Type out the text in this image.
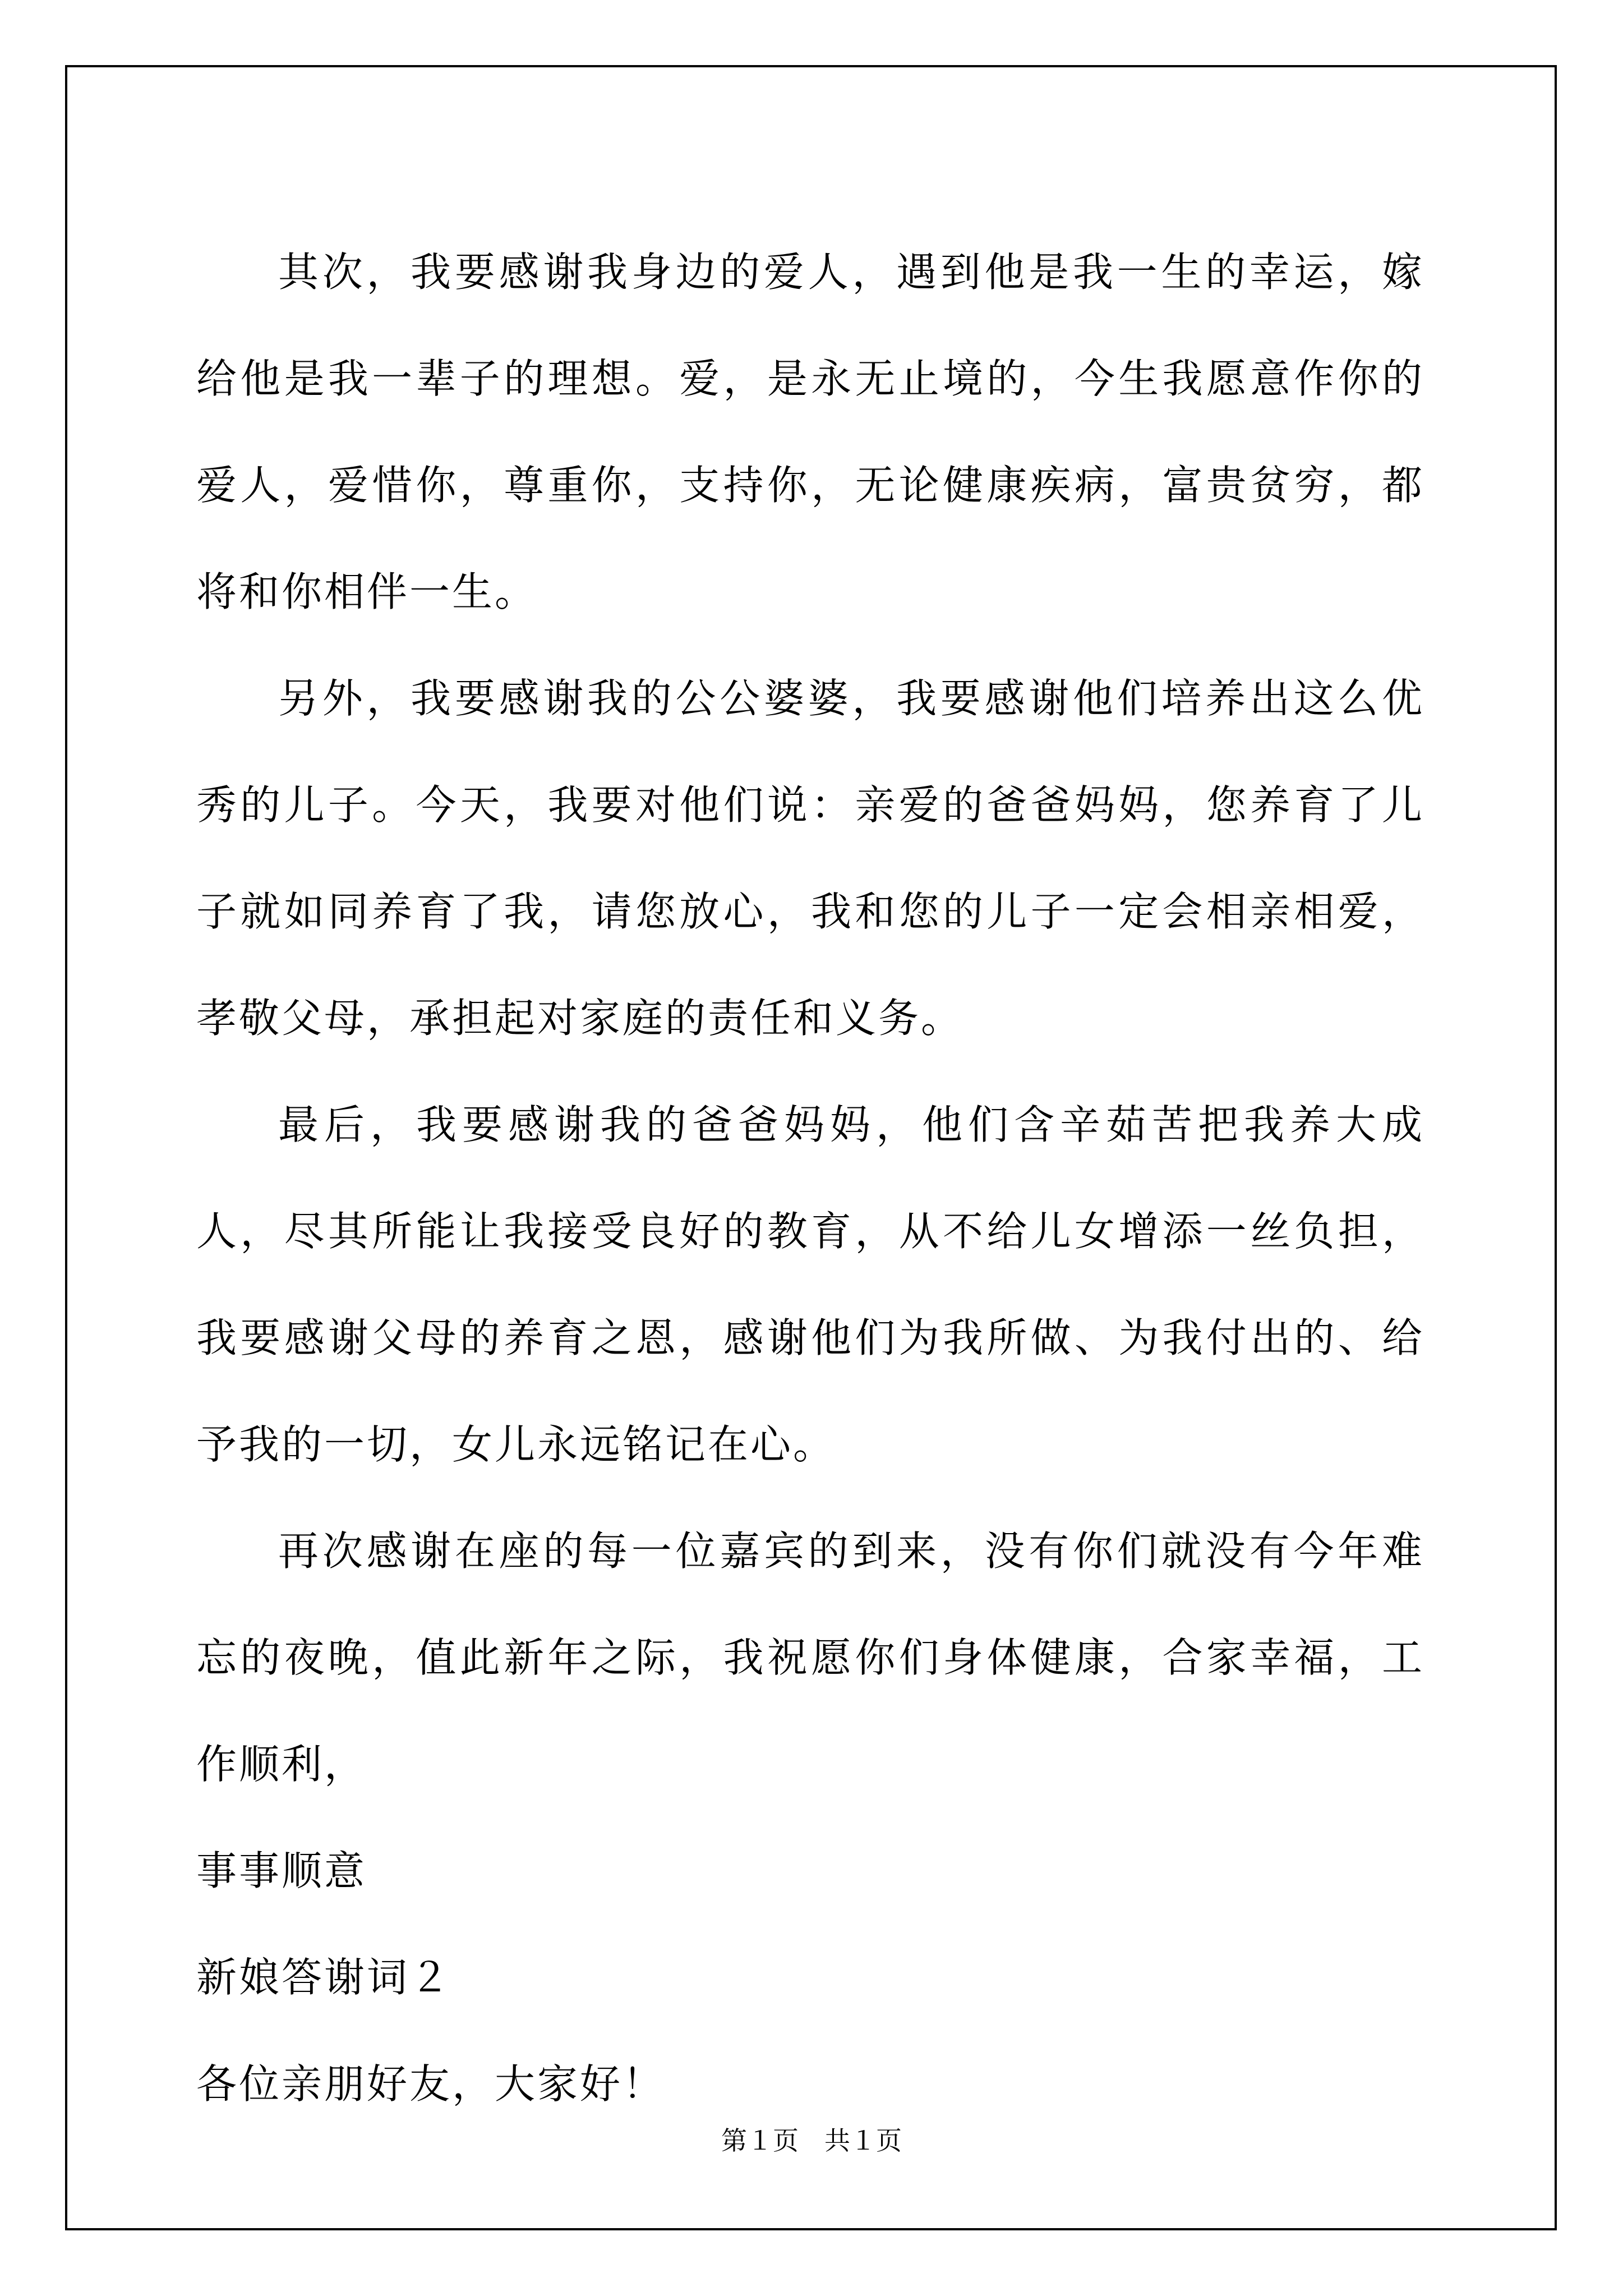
其次，我要感谢我身边的爱人，遇到他是我一生的幸运，嫁给他是我一辈子的理想。爱，是永无止境的，今生我愿意作你的爱人，爱惜你，尊重你，支持你，无论健康疾病，富贵贫穷，都将和你相伴一生。

另外，我要感谢我的公公婆婆，我要感谢他们培养出这么优秀的儿子。今天，我要对他们说：亲爱的爸爸妈妈，您养育了儿子就如同养育了我，请您放心，我和您的儿子一定会相亲相爱，孝敬父母，承担起对家庭的责任和义务。

最后，我要感谢我的爸爸妈妈，他们含辛茹苦把我养大成人，尽其所能让我接受良好的教育，从不给儿女增添一丝负担，我要感谢父母的养育之恩，感谢他们为我所做、为我付出的、给予我的一切，女儿永远铭记在心。

再次感谢在座的每一位嘉宾的到来，没有你们就没有今年难忘的夜晚，值此新年之际，我祝愿你们身体健康，合家幸福，工作顺利，

事事顺意

新娘答谢词２

各位亲朋好友，大家好！

第１页　共１页
